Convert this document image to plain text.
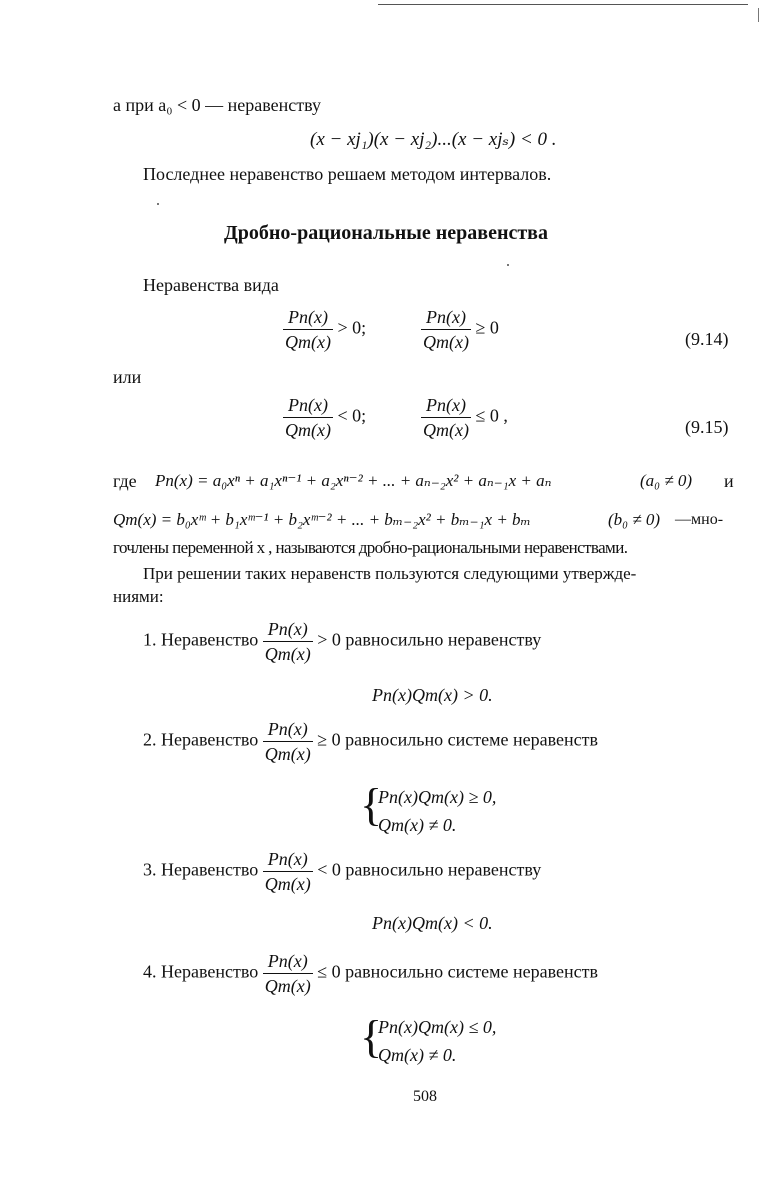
а при a₀ < 0 — неравенству
(x − xj₁)(x − xj₂)...(x − xjₛ) < 0 .
Последнее неравенство решаем методом интервалов.
Дробно-рациональные неравенства
Неравенства вида
$\frac{Pn(x)}{Qm(x)} > 0$;	$\frac{Pn(x)}{Qm(x)} \ge 0$
(9.14)
или
$\frac{Pn(x)}{Qm(x)} < 0$;	$\frac{Pn(x)}{Qm(x)} \le 0$ ,
(9.15)
где Pn(x) = a₀xⁿ + a₁xⁿ⁻¹ + a₂xⁿ⁻² + ... + aₙ₋₂x² + aₙ₋₁x + aₙ	(a₀ ≠ 0) и
Qm(x) = b₀xᵐ + b₁xᵐ⁻¹ + b₂xᵐ⁻² + ... + bₘ₋₂x² + bₘ₋₁x + bₘ	(b₀ ≠ 0) —мно-
гочлены переменной x , называются дробно-рациональными неравенствами.
При решении таких неравенств пользуются следующими утвержде-
ниями:
1. Неравенство $\frac{Pn(x)}{Qm(x)} > 0$ равносильно неравенству
Pn(x)Qm(x) > 0.
2. Неравенство $\frac{Pn(x)}{Qm(x)} \ge 0$ равносильно системе неравенств
{
Pn(x)Qm(x) ≥ 0,
Qm(x) ≠ 0.
3. Неравенство $\frac{Pn(x)}{Qm(x)} < 0$ равносильно неравенству
Pn(x)Qm(x) < 0.
4. Неравенство $\frac{Pn(x)}{Qm(x)} \le 0$ равносильно системе неравенств
{
Pn(x)Qm(x) ≤ 0,
Qm(x) ≠ 0.
508
